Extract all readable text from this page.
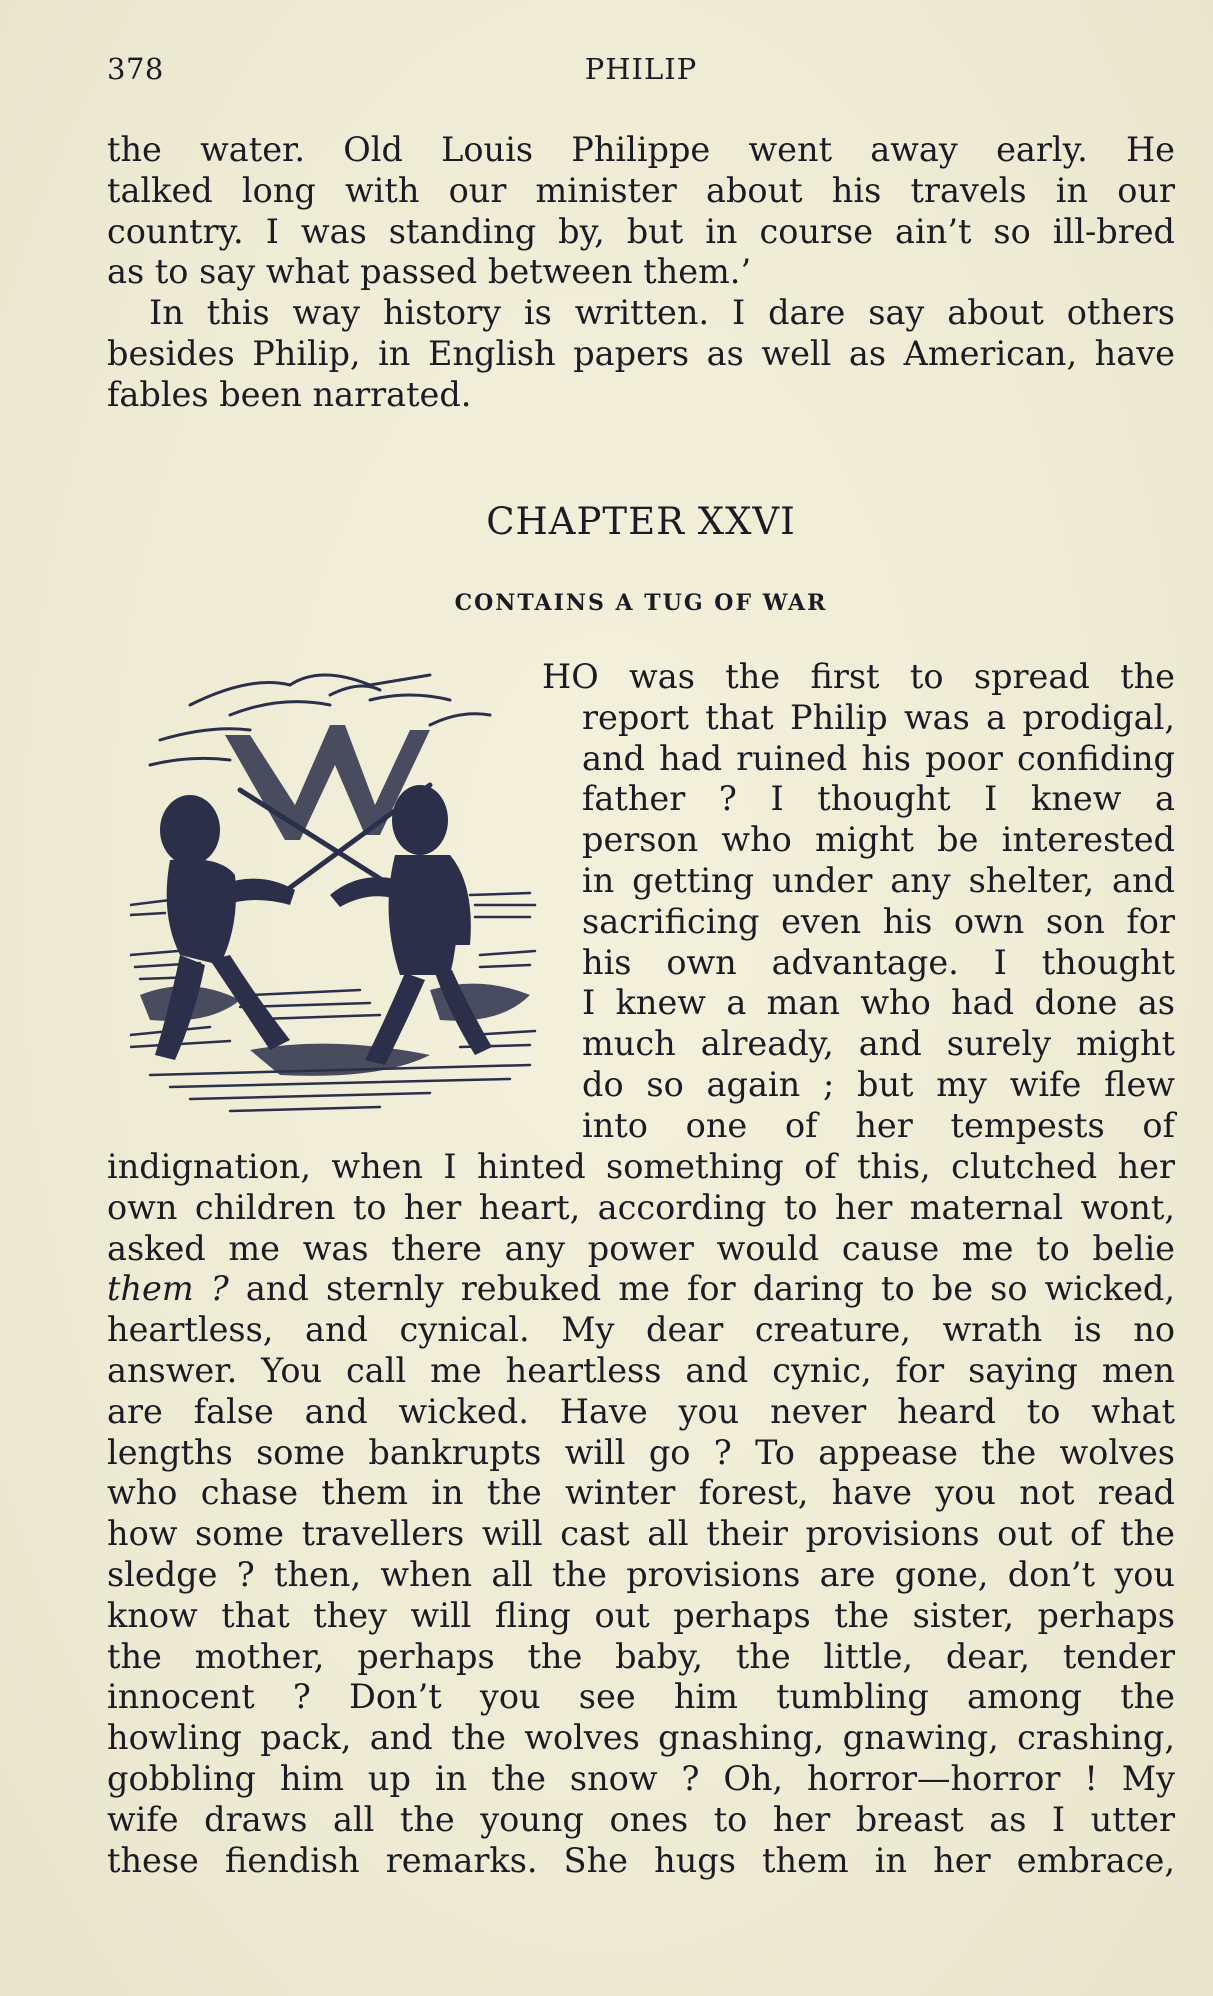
378	PHILIP
the water. Old Louis Philippe went away early. He
talked long with our minister about his travels in our
country. I was standing by, but in course ain’t so ill-bred
as to say what passed between them.’
In this way history is written. I dare say about others
besides Philip, in English papers as well as American, have
fables been narrated.
CHAPTER XXVI
CONTAINS A TUG OF WAR
HO was the first to spread the
report that Philip was a prodigal,
and had ruined his poor confiding
father ? I thought I knew a
person who might be interested
in getting under any shelter, and
sacrificing even his own son for
his own advantage. I thought
I knew a man who had done as
much already, and surely might
do so again ; but my wife flew
into one of her tempests of
indignation, when I hinted something of this, clutched her
own children to her heart, according to her maternal wont,
asked me was there any power would cause me to belie
them ? and sternly rebuked me for daring to be so wicked,
heartless, and cynical. My dear creature, wrath is no
answer. You call me heartless and cynic, for saying men
are false and wicked. Have you never heard to what
lengths some bankrupts will go ? To appease the wolves
who chase them in the winter forest, have you not read
how some travellers will cast all their provisions out of the
sledge ? then, when all the provisions are gone, don’t you
know that they will fling out perhaps the sister, perhaps
the mother, perhaps the baby, the little, dear, tender
innocent ? Don’t you see him tumbling among the
howling pack, and the wolves gnashing, gnawing, crashing,
gobbling him up in the snow ? Oh, horror—horror ! My
wife draws all the young ones to her breast as I utter
these fiendish remarks. She hugs them in her embrace,
